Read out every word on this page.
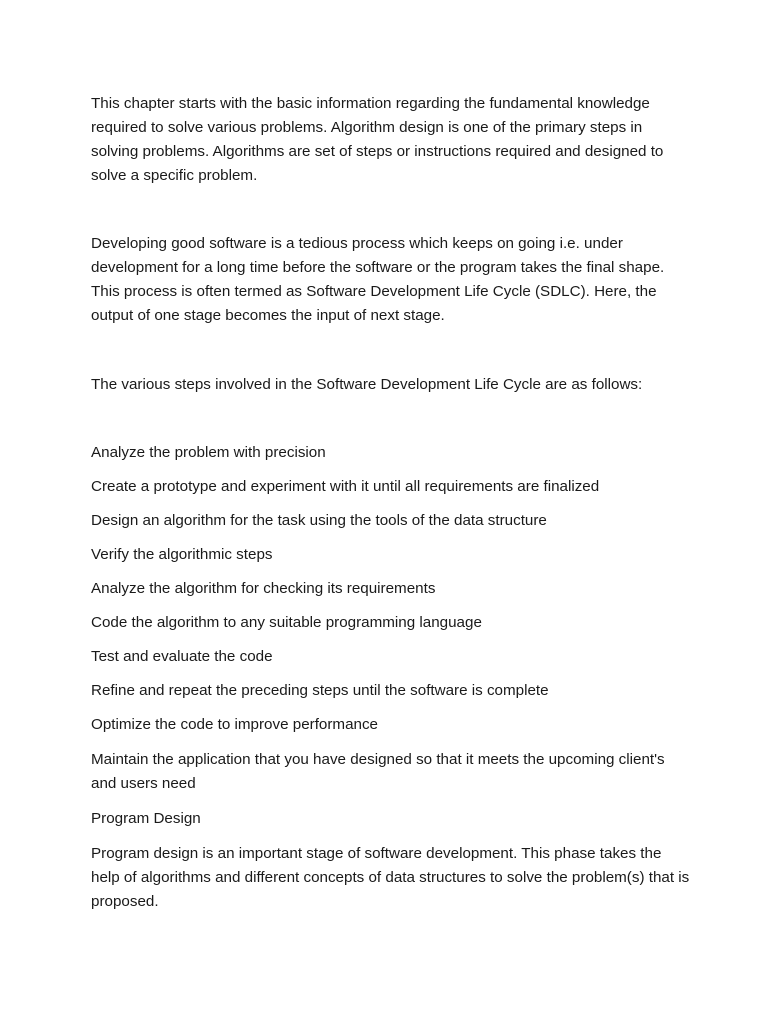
This chapter starts with the basic information regarding the fundamental knowledge required to solve various problems. Algorithm design is one of the primary steps in solving problems. Algorithms are set of steps or instructions required and designed to solve a specific problem.

Developing good software is a tedious process which keeps on going i.e. under development for a long time before the software or the program takes the final shape. This process is often termed as Software Development Life Cycle (SDLC). Here, the output of one stage becomes the input of next stage.

The various steps involved in the Software Development Life Cycle are as follows:

Analyze the problem with precision

Create a prototype and experiment with it until all requirements are finalized

Design an algorithm for the task using the tools of the data structure

Verify the algorithmic steps

Analyze the algorithm for checking its requirements

Code the algorithm to any suitable programming language

Test and evaluate the code

Refine and repeat the preceding steps until the software is complete

Optimize the code to improve performance

Maintain the application that you have designed so that it meets the upcoming client's and users need

Program Design

Program design is an important stage of software development. This phase takes the help of algorithms and different concepts of data structures to solve the problem(s) that is proposed.
